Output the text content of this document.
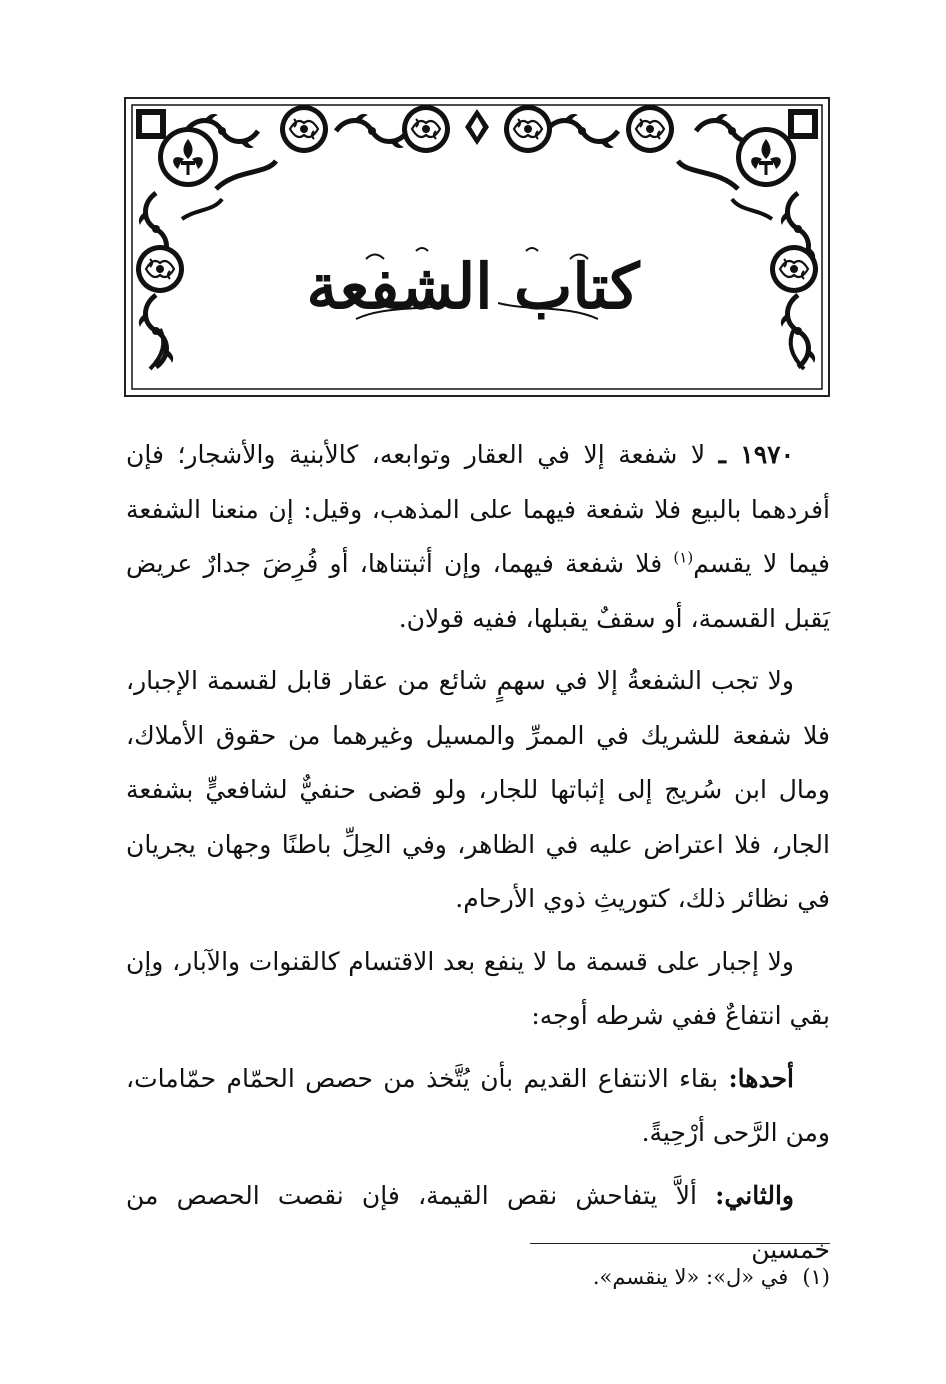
كتاب الشفعة

١٩٧٠ ـ لا شفعة إلا في العقار وتوابعه، كالأبنية والأشجار؛ فإن أفردهما بالبيع فلا شفعة فيهما على المذهب، وقيل: إن منعنا الشفعة فيما لا يقسم$^{(١)}$ فلا شفعة فيهما، وإن أثبتناها، أو فُرِضَ جدارٌ عريض يَقبل القسمة، أو سقفٌ يقبلها، ففيه قولان.

ولا تجب الشفعةُ إلا في سهمٍ شائع من عقار قابل لقسمة الإجبار، فلا شفعة للشريك في الممرِّ والمسيل وغيرهما من حقوق الأملاك، ومال ابن سُريج إلى إثباتها للجار، ولو قضى حنفيٌّ لشافعيٍّ بشفعة الجار، فلا اعتراض عليه في الظاهر، وفي الحِلِّ باطنًا وجهان يجريان في نظائر ذلك، كتوريثِ ذوي الأرحام.

ولا إجبار على قسمة ما لا ينفع بعد الاقتسام كالقنوات والآبار، وإن بقي انتفاعٌ ففي شرطه أوجه:

أحدها: بقاء الانتفاع القديم بأن يُتَّخذ من حصص الحمّام حمّامات، ومن الرَّحى أرْحِيةً.

والثاني: ألاَّ يتفاحش نقص القيمة، فإن نقصت الحصص من خمسين

(١)في «ل»: «لا ينقسم».
